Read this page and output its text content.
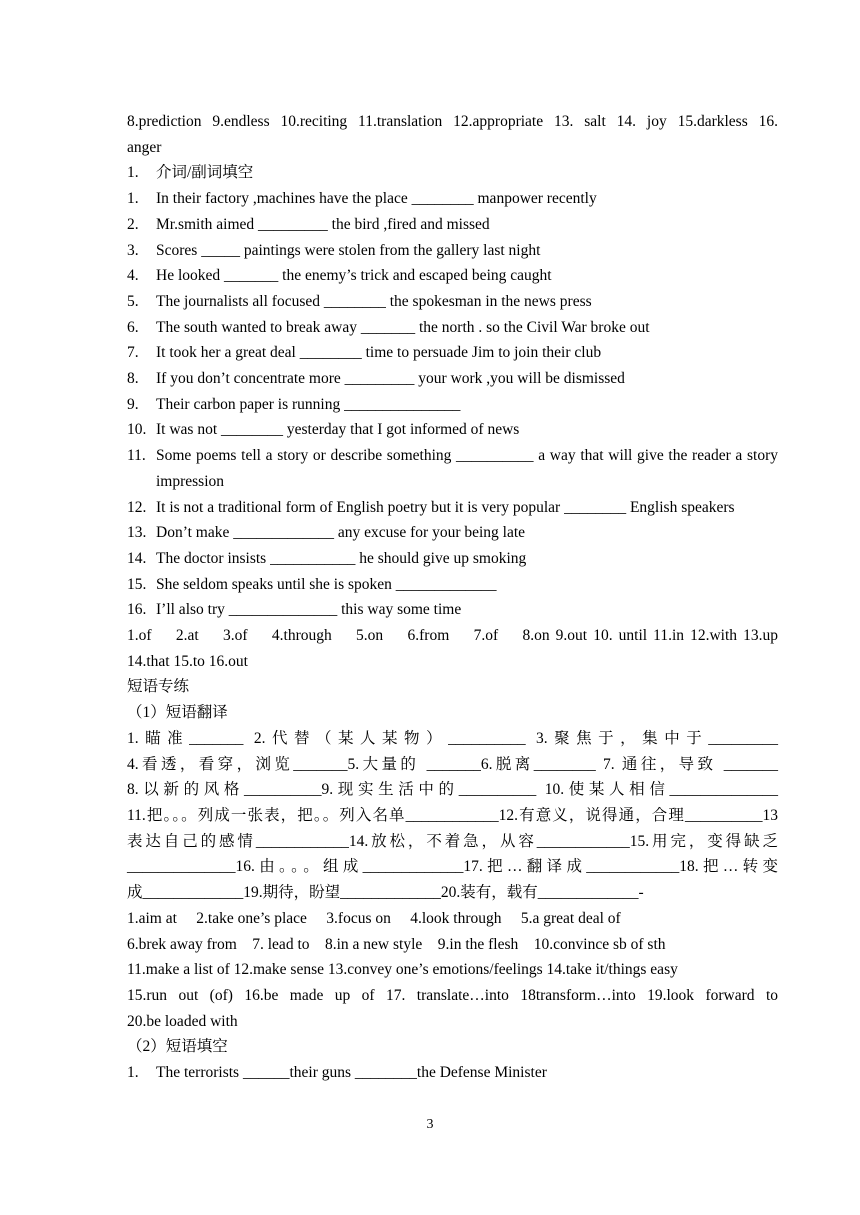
8.prediction 9.endless 10.reciting 11.translation 12.appropriate 13. salt 14. joy 15.darkless 16.
anger
1.	介词/副词填空
1.	In their factory ,machines have the place ________ manpower recently
2.	Mr.smith aimed _________ the bird ,fired and missed
3.	Scores _____ paintings were stolen from the gallery last night
4.	He looked _______ the enemy’s trick and escaped being caught
5.	The journalists all focused ________ the spokesman in the news press
6.	The south wanted to break away _______ the north . so the Civil War broke out
7.	It took her a great deal ________ time to persuade Jim to join their club
8.	If you don’t concentrate more _________ your work ,you will be dismissed
9.	Their carbon paper is running _______________
10. It was not ________ yesterday that I got informed of news
11. Some poems tell a story or describe something __________ a way that will give the reader a story impression
12. It is not a traditional form of English poetry but it is very popular ________ English speakers
13. Don’t make _____________ any excuse for your being late
14. The doctor insists ___________ he should give up smoking
15. She seldom speaks until she is spoken _____________
16. I’ll also try ______________ this way some time
1.of    2.at    3.of    4.through    5.on    6.from    7.of    8.on 9.out 10. until 11.in 12.with 13.up
14.that 15.to 16.out
短语专练
（1）短语翻译
1.瞄准_______ 2.代替（某人某物）__________ 3.聚焦于，集中于_________
4.看透，看穿，浏览_______5.大量的 _______6.脱离________ 7. 通往，导致 _______
8.以新的风格__________9.现实生活中的__________ 10.使某人相信______________
11.把。。。列成一张表，把。。列入名单____________12.有意义，说得通，合理__________13
表达自己的感情____________14.放松，不着急，从容____________15.用完，变得缺乏
______________16.由。。。组成_____________17.把…翻译成____________18.把…转变
成_____________19.期待，盼望_____________20.装有，载有_____________-
1.aim at     2.take one’s place     3.focus on     4.look through     5.a great deal of
6.brek away from    7. lead to    8.in a new style    9.in the flesh    10.convince sb of sth
11.make a list of 12.make sense 13.convey one’s emotions/feelings 14.take it/things easy
15.run out (of) 16.be made up of 17. translate…into 18transform…into 19.look forward to
20.be loaded with
（2）短语填空
1.	The terrorists ______their guns ________the Defense Minister
3
